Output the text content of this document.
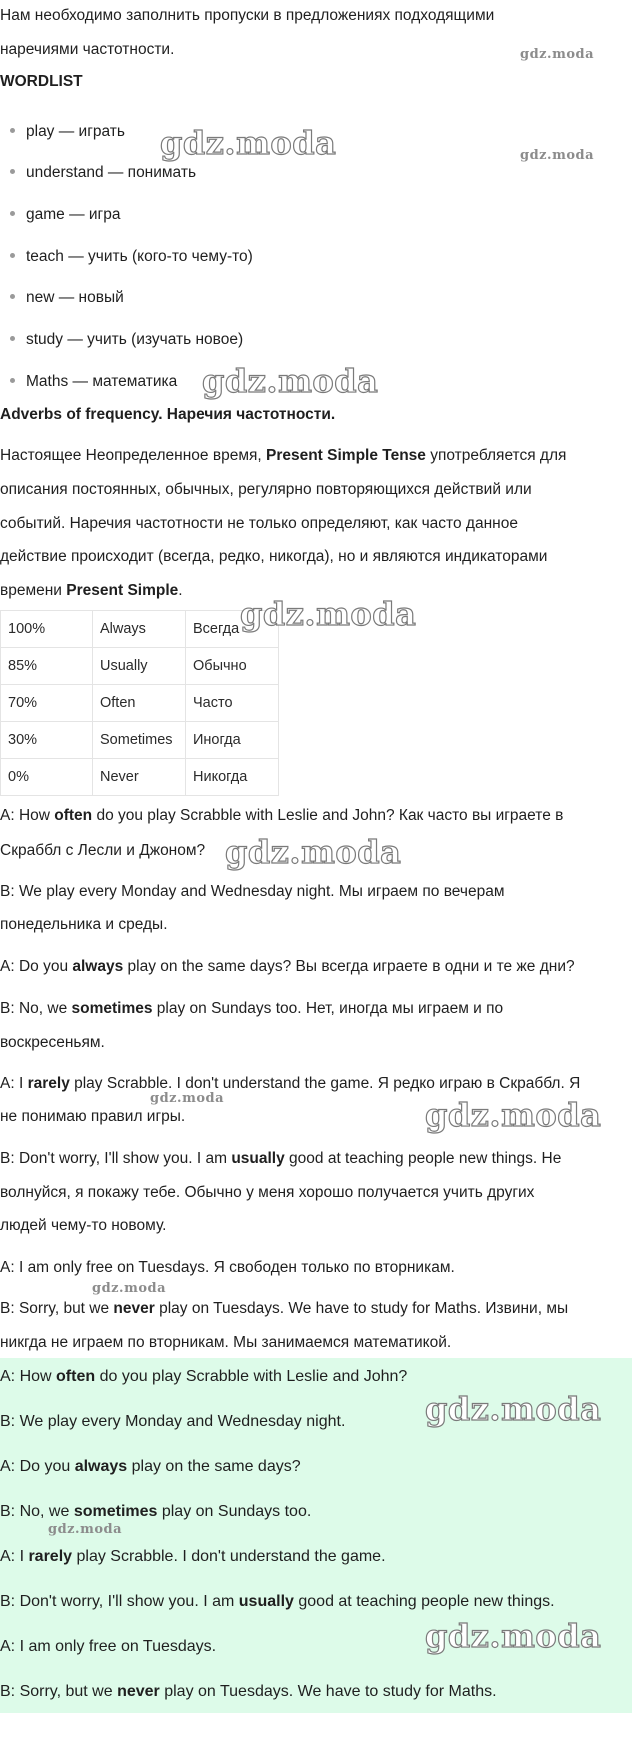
Нам необходимо заполнить пропуски в предложениях подходящими
наречиями частотности.
WORDLIST
play — играть
understand — понимать
game — игра
teach — учить (кого-то чему-то)
new — новый
study — учить (изучать новое)
Maths — математика
Adverbs of frequency. Наречия частотности.
Настоящее Неопределенное время, Present Simple Tense употребляется для
описания постоянных, обычных, регулярно повторяющихся действий или
событий. Наречия частотности не только определяют, как часто данное
действие происходит (всегда, редко, никогда), но и являются индикаторами
времени Present Simple.
100%	Always	Всегда
85%	Usually	Обычно
70%	Often	Часто
30%	Sometimes	Иногда
0%	Never	Никогда
A: How often do you play Scrabble with Leslie and John? Как часто вы играете в
Скраббл с Лесли и Джоном?
B: We play every Monday and Wednesday night. Мы играем по вечерам
понедельника и среды.
A: Do you always play on the same days? Вы всегда играете в одни и те же дни?
B: No, we sometimes play on Sundays too. Нет, иногда мы играем и по
воскресеньям.
A: I rarely play Scrabble. I don't understand the game. Я редко играю в Скраббл. Я
не понимаю правил игры.
B: Don't worry, I'll show you. I am usually good at teaching people new things. Не
волнуйся, я покажу тебе. Обычно у меня хорошо получается учить других
людей чему-то новому.
A: I am only free on Tuesdays. Я свободен только по вторникам.
B: Sorry, but we never play on Tuesdays. We have to study for Maths. Извини, мы
никгда не играем по вторникам. Мы занимаемся математикой.
A: How often do you play Scrabble with Leslie and John?
B: We play every Monday and Wednesday night.
A: Do you always play on the same days?
B: No, we sometimes play on Sundays too.
A: I rarely play Scrabble. I don't understand the game.
B: Don't worry, I'll show you. I am usually good at teaching people new things.
A: I am only free on Tuesdays.
B: Sorry, but we never play on Tuesdays. We have to study for Maths.
gdz.moda
gdz.moda	gdz.moda
gdz.moda
gdz.moda
gdz.moda
gdz.moda	gdz.moda
gdz.moda
gdz.moda
gdz.moda
gdz.moda
